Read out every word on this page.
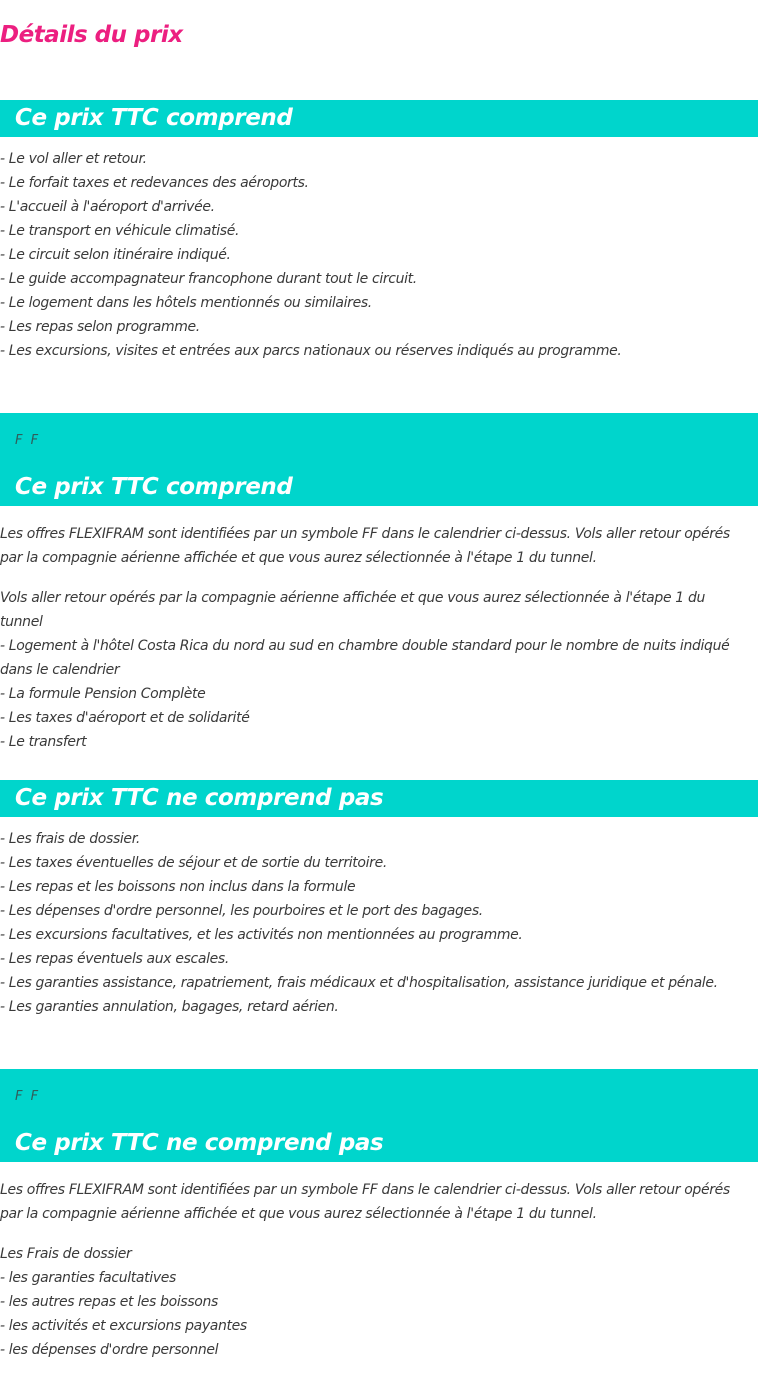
Détails du prix
Ce prix TTC comprend
- Le vol aller et retour.
- Le forfait taxes et redevances des aéroports.
- L'accueil à l'aéroport d'arrivée.
- Le transport en véhicule climatisé.
- Le circuit selon itinéraire indiqué.
- Le guide accompagnateur francophone durant tout le circuit.
- Le logement dans les hôtels mentionnés ou similaires.
- Les repas selon programme.
- Les excursions, visites et entrées aux parcs nationaux ou réserves indiqués au programme.
F F
Ce prix TTC comprend

Les offres FLEXIFRAM sont identifiées par un symbole FF dans le calendrier ci-dessus. Vols aller retour opérés par la compagnie aérienne affichée et que vous aurez sélectionnée à l'étape 1 du tunnel.

Vols aller retour opérés par la compagnie aérienne affichée et que vous aurez sélectionnée à l'étape 1 du tunnel
- Logement à l'hôtel Costa Rica du nord au sud en chambre double standard pour le nombre de nuits indiqué dans le calendrier
- La formule Pension Complète
- Les taxes d'aéroport et de solidarité
- Le transfert
Ce prix TTC ne comprend pas
- Les frais de dossier.
- Les taxes éventuelles de séjour et de sortie du territoire.
- Les repas et les boissons non inclus dans la formule
- Les dépenses d'ordre personnel, les pourboires et le port des bagages.
- Les excursions facultatives, et les activités non mentionnées au programme.
- Les repas éventuels aux escales.
- Les garanties assistance, rapatriement, frais médicaux et d'hospitalisation, assistance juridique et pénale.
- Les garanties annulation, bagages, retard aérien.
F F
Ce prix TTC ne comprend pas

Les offres FLEXIFRAM sont identifiées par un symbole FF dans le calendrier ci-dessus. Vols aller retour opérés par la compagnie aérienne affichée et que vous aurez sélectionnée à l'étape 1 du tunnel.

Les Frais de dossier
- les garanties facultatives
- les autres repas et les boissons
- les activités et excursions payantes
- les dépenses d'ordre personnel
